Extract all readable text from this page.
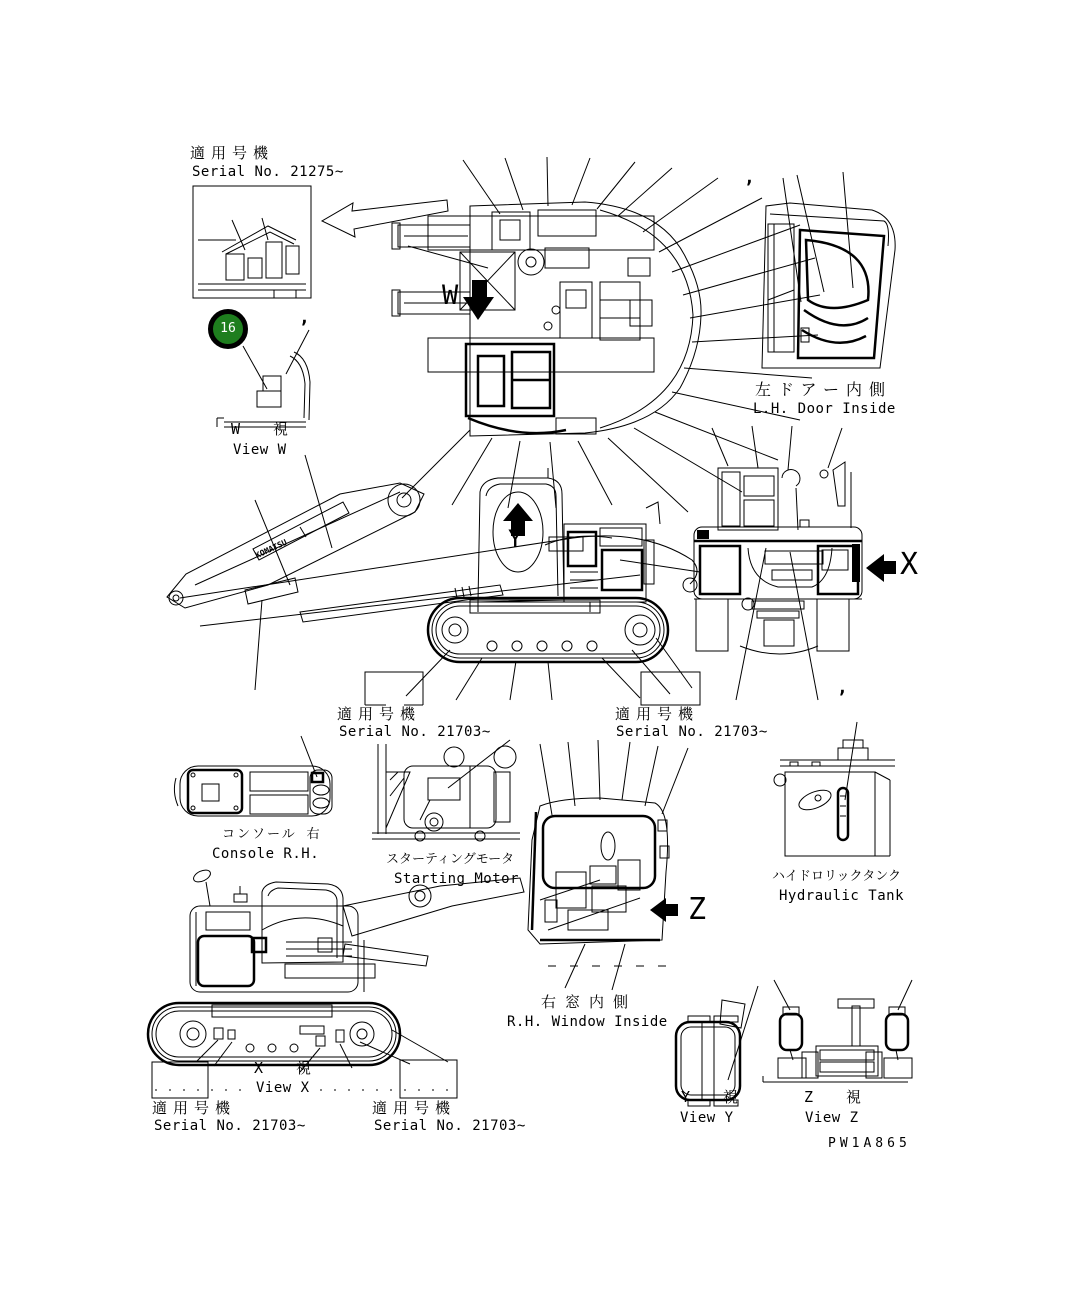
適用号機
Serial No. 21275~
16
,
W 視
View W
W
,
左ドアー内側
L.H. Door Inside
KOMATSU	Y
X
,
適用号機
Serial No. 21703~
適用号機
Serial No. 21703~
コンソール 右
Console R.H.	スターティングモータ
Starting Motor
Z
右窓内側
R.H. Window Inside
ハイドロリックタンク
Hydraulic Tank
X 視
View X
適用号機
Serial No. 21703~
適用号機
Serial No. 21703~
Y 視
View Y
Z 視
View Z
PW1A865
